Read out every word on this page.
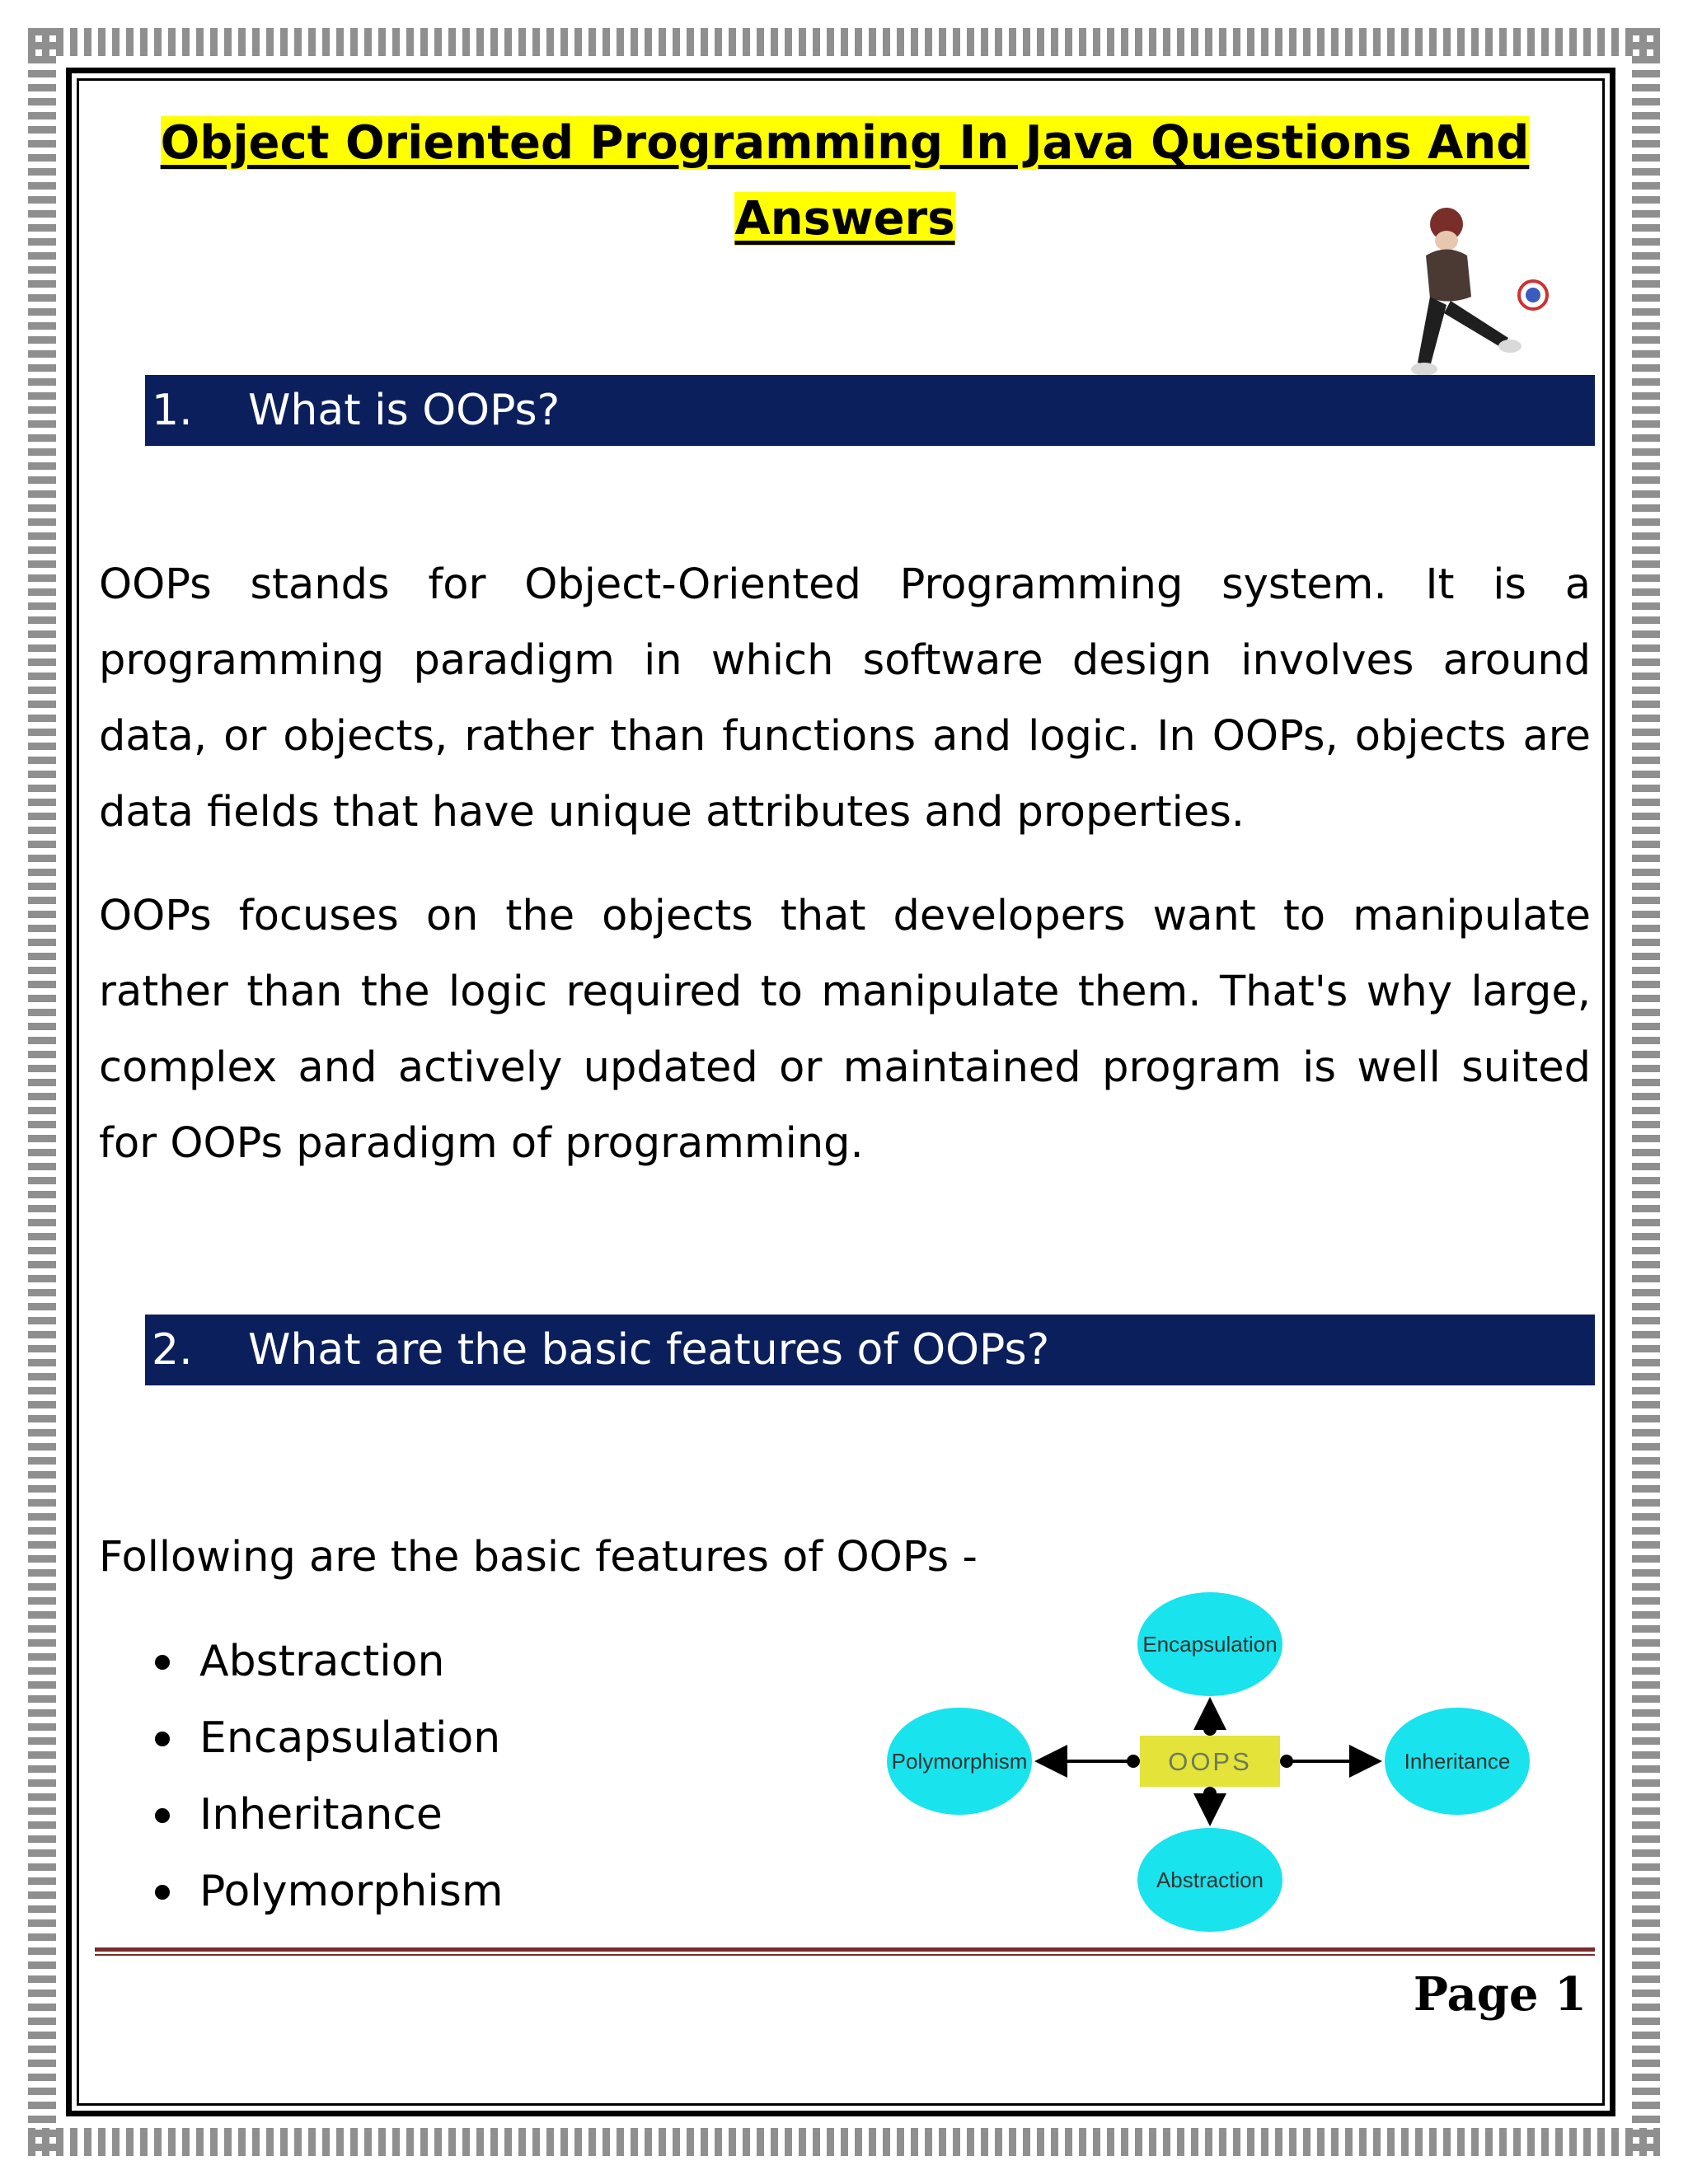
Object Oriented Programming In Java Questions And Answers
1. What is OOPs?
OOPs stands for Object-Oriented Programming system. It is a programming paradigm in which software design involves around data, or objects, rather than functions and logic. In OOPs, objects are data fields that have unique attributes and properties.
OOPs focuses on the objects that developers want to manipulate rather than the logic required to manipulate them. That's why large, complex and actively updated or maintained program is well suited for OOPs paradigm of programming.
2. What are the basic features of OOPs?
Following are the basic features of OOPs -
Abstraction
Encapsulation
Inheritance
Polymorphism
Encapsulation
Polymorphism	Inheritance
Abstraction
OOPS
Page 1
